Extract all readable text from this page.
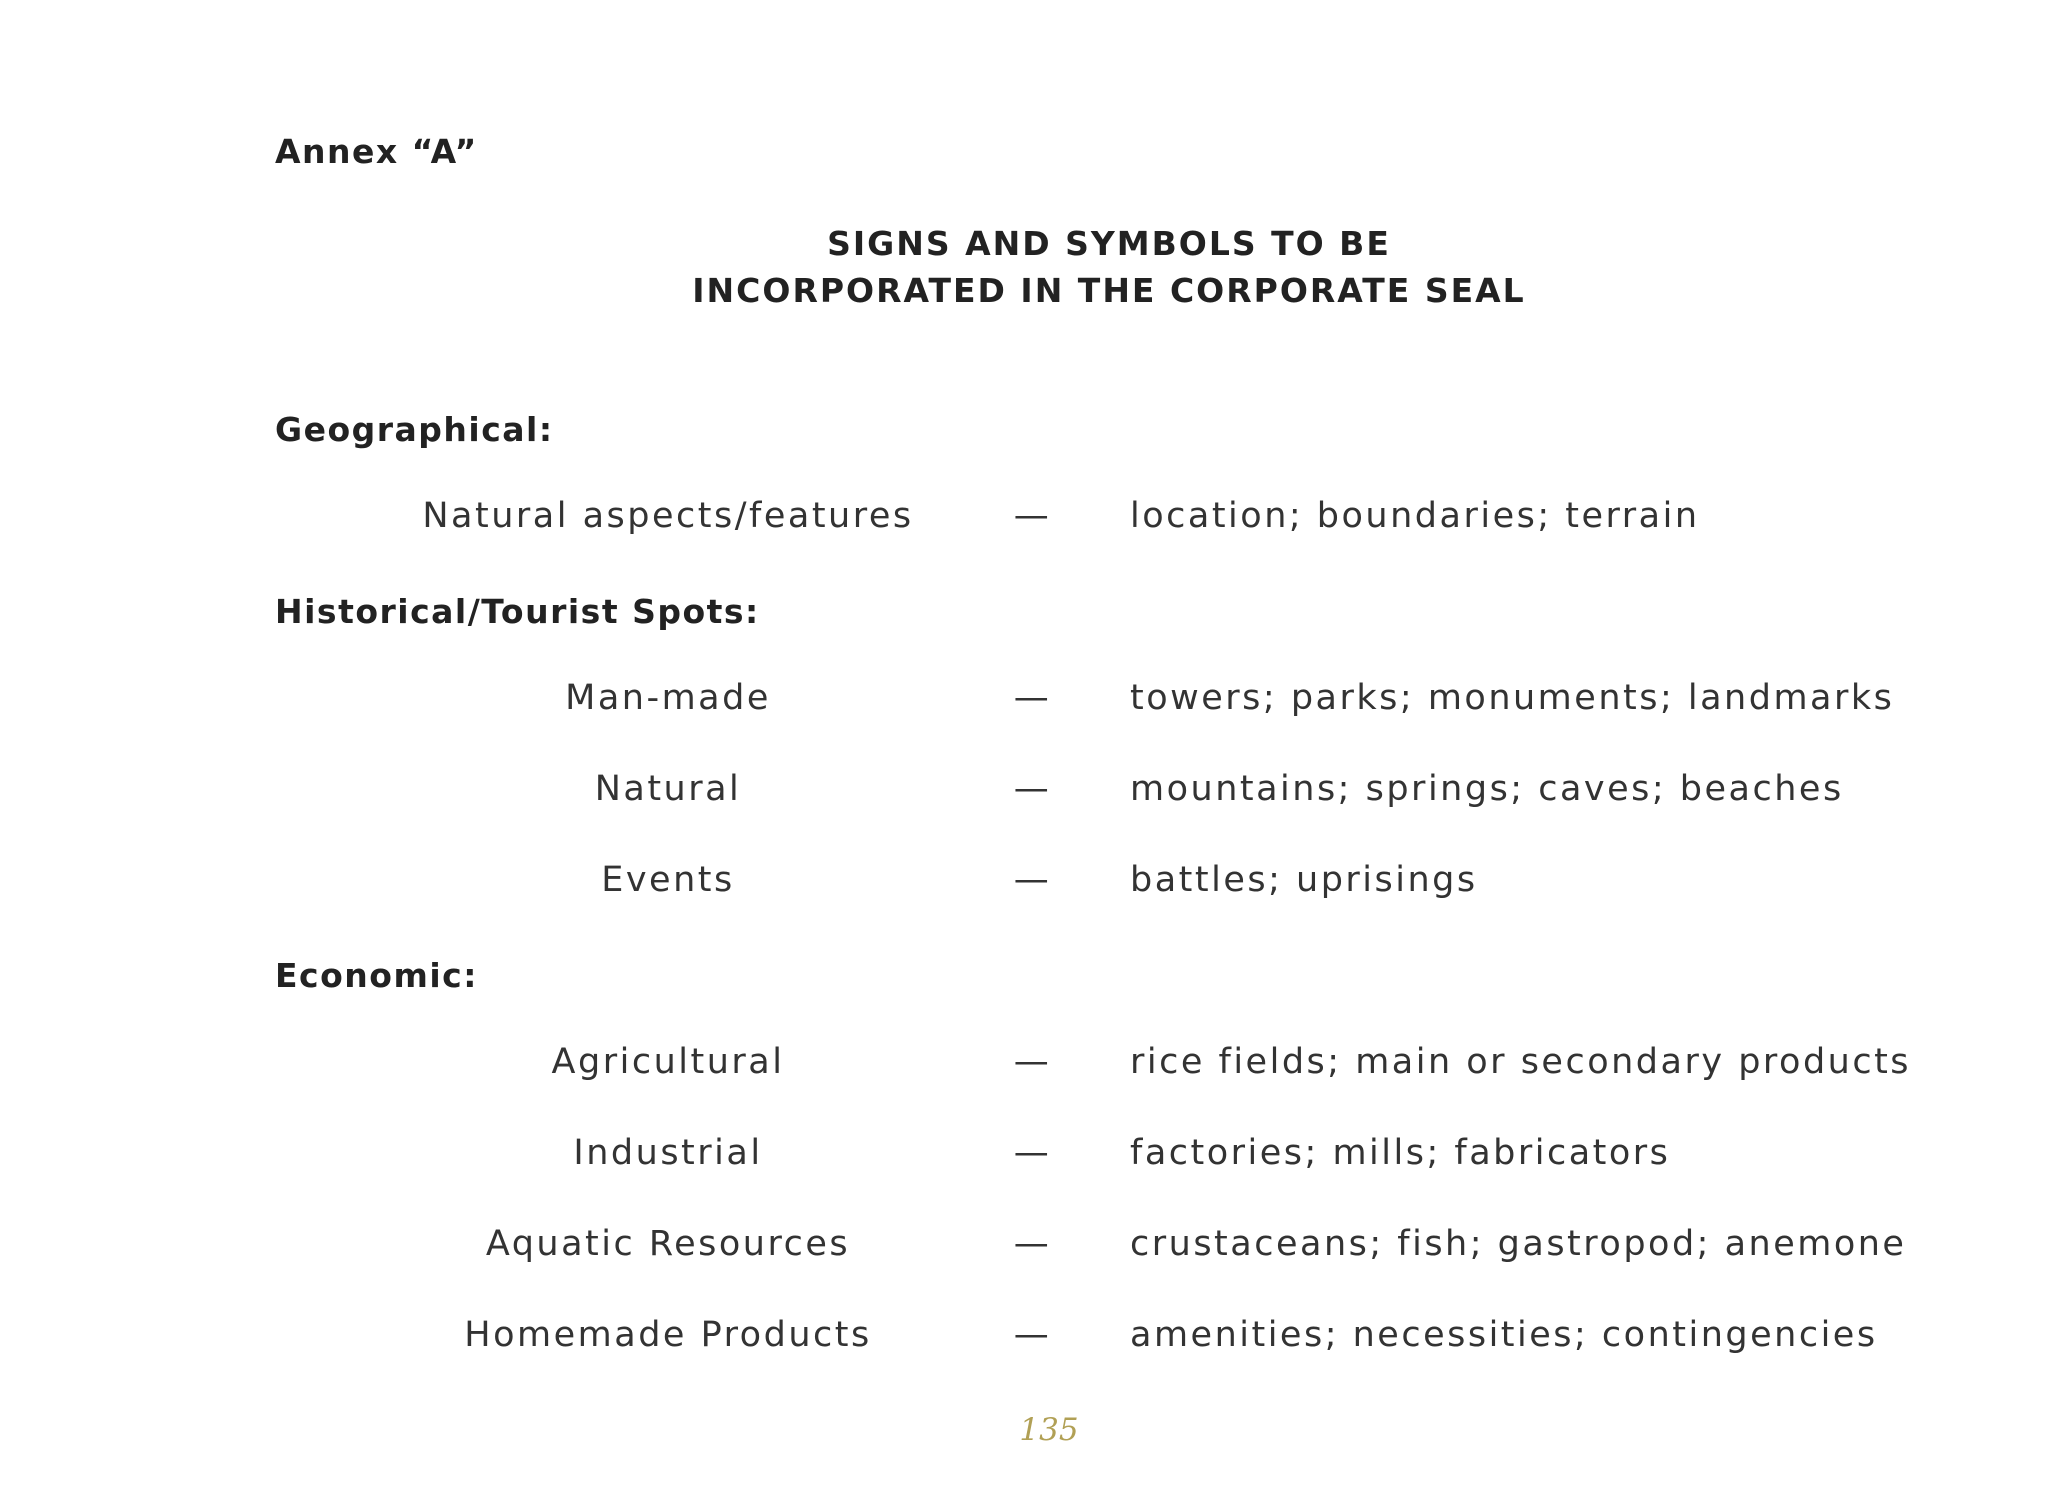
Annex “A”
SIGNS AND SYMBOLS TO BE
INCORPORATED IN THE CORPORATE SEAL
Geographical:
Natural aspects/features	— location; boundaries; terrain
Historical/Tourist Spots:
Man-made	— towers; parks; monuments; landmarks
Natural	— mountains; springs; caves; beaches
Events	— battles; uprisings
Economic:
Agricultural	— rice fields; main or secondary products
Industrial	— factories; mills; fabricators
Aquatic Resources	— crustaceans; fish; gastropod; anemone
Homemade Products	— amenities; necessities; contingencies
135
